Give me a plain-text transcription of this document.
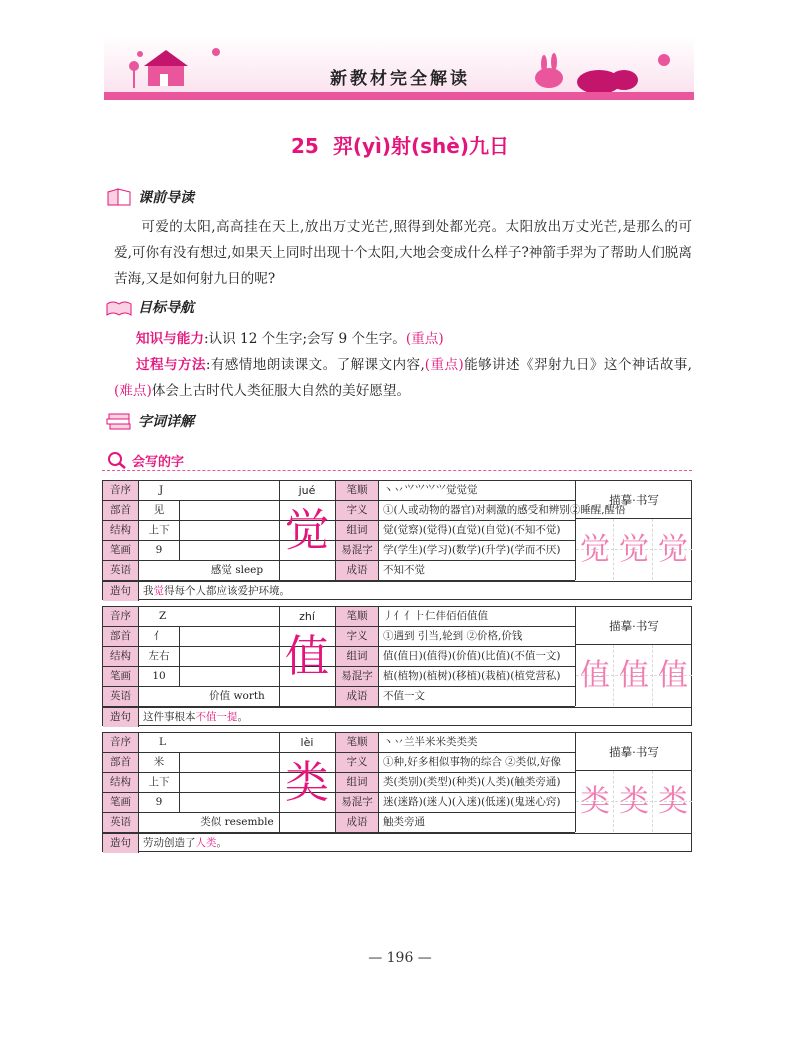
新教材完全解读
25 羿(yì)射(shè)九日
课前导读
可爱的太阳,高高挂在天上,放出万丈光芒,照得到处都光亮。太阳放出万丈光芒,是那么的可爱,可你有没有想过,如果天上同时出现十个太阳,大地会变成什么样子?神箭手羿为了帮助人们脱离苦海,又是如何射九日的呢?
目标导航
知识与能力:认识 12 个生字;会写 9 个生字。(重点)
过程与方法:有感情地朗读课文。了解课文内容,(重点)能够讲述《羿射九日》这个神话故事,(难点)体会上古时代人类征服大自然的美好愿望。
字词详解
会写的字
音序	J	笔顺	丶丷⺍⺍⺍⺍觉觉觉
jué
部首	见	字义	①(人或动物的器官)对刺激的感受和辨别②睡醒,醒悟
结构	上下	组词	觉(觉察)(觉得)(直觉)(自觉)(不知不觉)
笔画	9	易混字 学(学生)(学习)(数学)(升学)(学而不厌)
英语	感觉 sleep	成语	不知不觉
造句	我觉得每个人都应该爱护环境。
觉
描摹·书写
觉 觉 觉
音序	Z	笔顺	丿亻亻⺊仁仹佰佰值值
zhí
部首	亻	字义	①遇到 引当,轮到 ②价格,价钱
结构	左右	组词	值(值日)(值得)(价值)(比值)(不值一文)
笔画	10	易混字 植(植物)(植树)(移植)(栽植)(植党营私)
英语	价值 worth	成语	不值一文
造句	这件事根本不值一提。
值
描摹·书写
值 值 值
音序	L	笔顺	丶丷兰半米米类类类
lèi
部首	米	字义	①种,好多相似事物的综合 ②类似,好像
结构	上下	组词	类(类别)(类型)(种类)(人类)(触类旁通)
笔画	9	易混字 迷(迷路)(迷人)(入迷)(低迷)(鬼迷心窍)
英语	类似 resemble	成语	触类旁通
造句	劳动创造了人类。
类
描摹·书写
类 类 类
— 196 —
